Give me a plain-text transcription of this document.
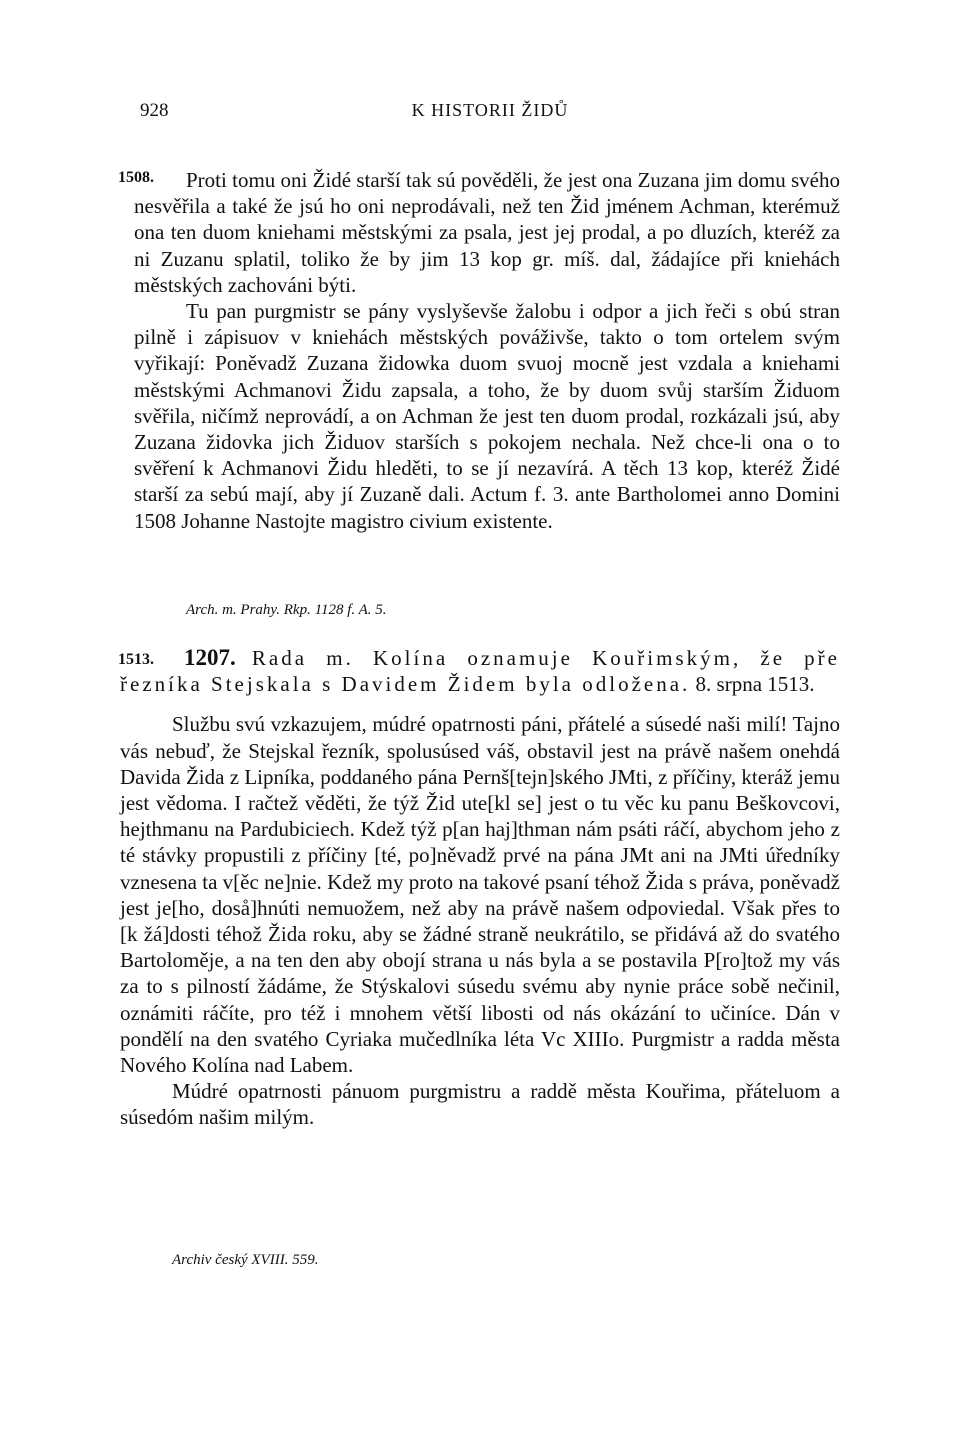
928	K HISTORII ŽIDŮ
1508.	Proti tomu oni Židé starší tak sú pověděli, že jest ona Zuzana jim domu svého nesvěřila a také že jsú ho oni neprodávali, než ten Žid jménem Achman, kterémuž ona ten duom kniehami městskými za psala, jest jej prodal, a po dluzích, kteréž za ni Zuzanu splatil, toliko že by jim 13 kop gr. míš. dal, žádajíce při kniehách městských zachováni býti.

Tu pan purgmistr se pány vyslyševše žalobu i odpor a jich řeči s obú stran pilně i zápisuov v kniehách městských pováživše, takto o tom ortelem svým vyřikají: Poněvadž Zuzana židowka duom svuoj mocně jest vzdala a kniehami městskými Achmanovi Židu zapsala, a toho, že by duom svůj starším Židuom svěřila, ničímž neprovádí, a on Achman že jest ten duom prodal, rozkázali jsú, aby Zuzana židovka jich Židuov starších s pokojem nechala. Než chce-li ona o to svěření k Achmanovi Židu hleděti, to se jí nezavírá. A těch 13 kop, kteréž Židé starší za sebú mají, aby jí Zuzaně dali. Actum f. 3. ante Bartholomei anno Domini 1508 Johanne Nastojte magistro civium existente.

Arch. m. Prahy. Rkp. 1128 f. A. 5.
1513.	1207. Rada m. Kolína oznamuje Kouřimským, že pře řezníka Stejskala s Davidem Židem byla odložena. 8. srpna 1513.

Službu svú vzkazujem, múdré opatrnosti páni, přátelé a súsedé naši milí! Tajno vás nebuď, že Stejskal řezník, spolusúsed váš, obstavil jest na právě našem onehdá Davida Žida z Lipníka, poddaného pána Pernš[tejn]ského JMti, z příčiny, kteráž jemu jest vědoma. I račtež věděti, že týž Žid ute[kl se] jest o tu věc ku panu Beškovcovi, hejthmanu na Pardubiciech. Kdež týž p[an haj]thman nám psáti ráčí, abychom jeho z té stávky propustili z příčiny [té, po]něvadž prvé na pána JMt ani na JMti úředníky vznesena ta v[ěc ne]nie. Kdež my proto na takové psaní téhož Žida s práva, poněvadž jest je[ho, doså]hnúti nemuožem, než aby na právě našem odpoviedal. Však přes to [k žá]dosti téhož Žida roku, aby se žádné straně neukrátilo, se přidává až do svatého Bartoloměje, a na ten den aby obojí strana u nás byla a se postavila P[ro]tož my vás za to s pilností žádáme, že Stýskalovi súsedu svému aby nynie práce sobě nečinil, oznámiti ráčíte, pro též i mnohem větší libosti od nás okázání to učiníce. Dán v pondělí na den svatého Cyriaka mučedlníka léta Vc XIIIo. Purgmistr a radda města Nového Kolína nad Labem.

Múdré opatrnosti pánuom purgmistru a raddě města Kouřima, přáteluom a súsedóm našim milým.

Archiv český XVIII. 559.
